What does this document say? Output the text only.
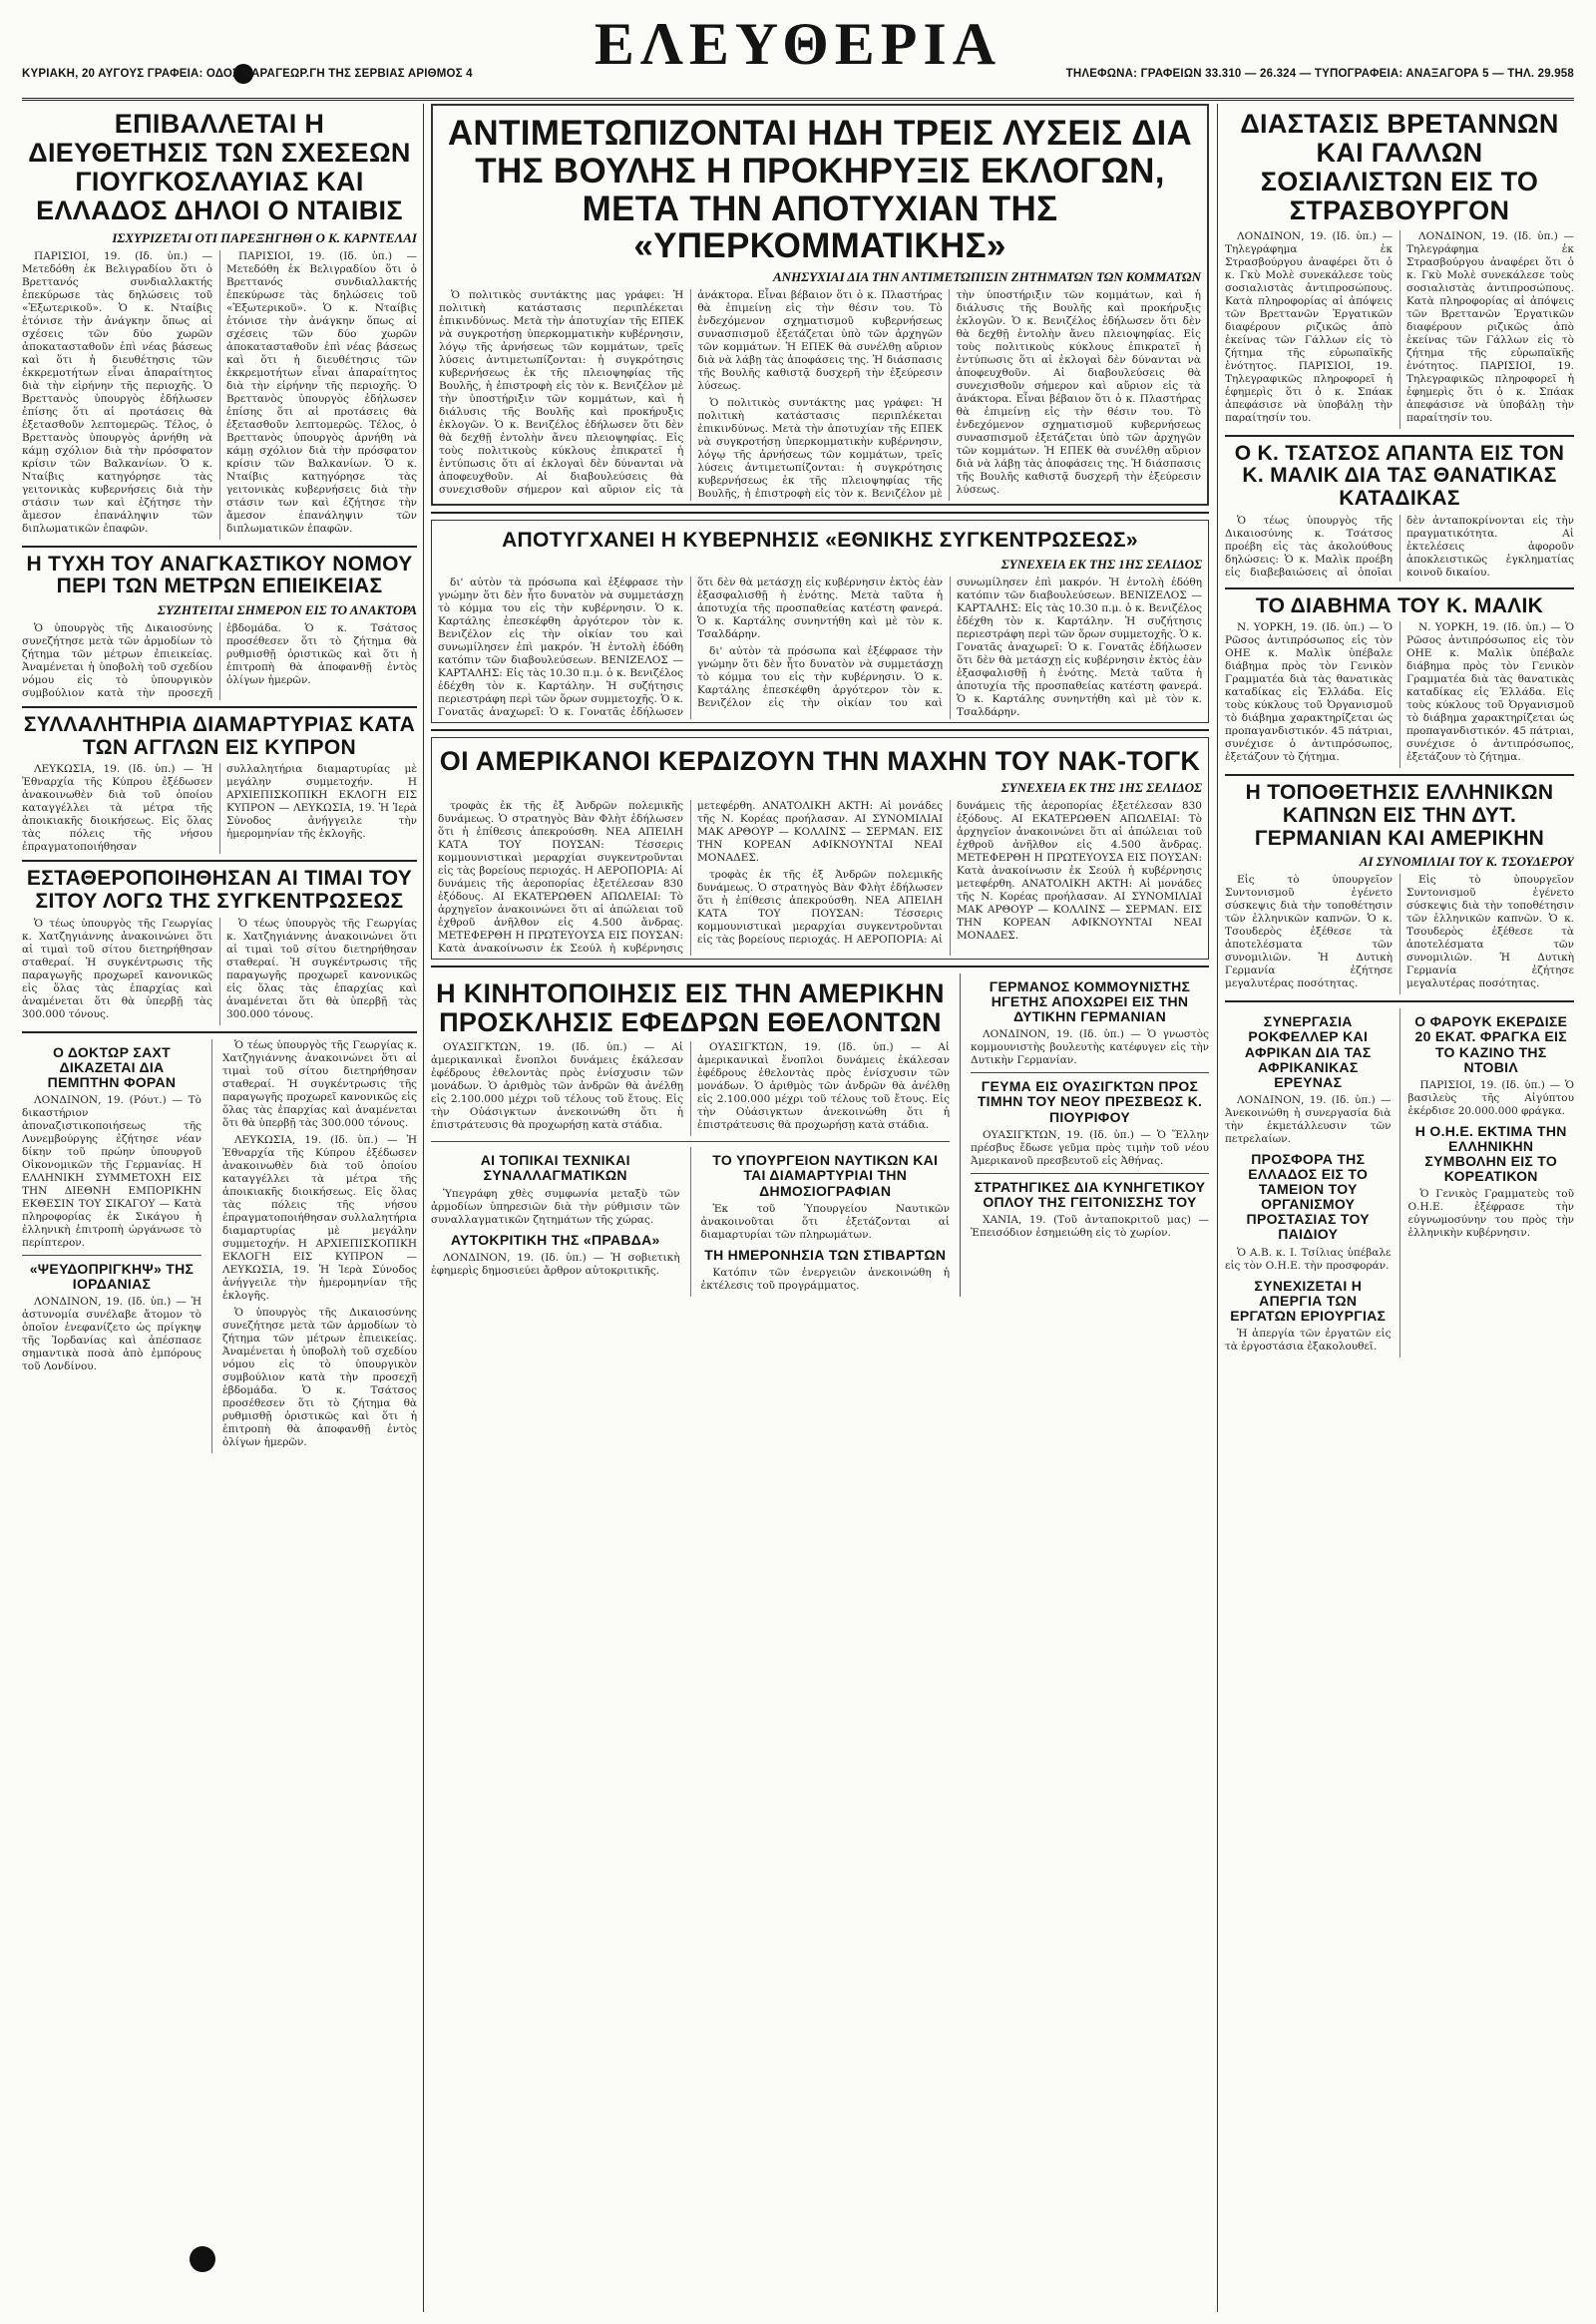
ΚΥΡΙΑΚΗ, 20 ΑΥΓΟΥΣ ΓΡΑΦΕΙΑ: ΟΔΟΣ ΚΑΡΑΓΕΩΡ.ΓΗ ΤΗΣ ΣΕΡΒΙΑΣ ΑΡΙΘΜΟΣ 4	ΕΛΕΥΘΕΡΙΑ	ΤΗΛΕΦΩΝΑ: ΓΡΑΦΕΙΩΝ 33.310 — 26.324 — ΤΥΠΟΓΡΑΦΕΙΑ: ΑΝΑΞΑΓΟΡΑ 5 — ΤΗΛ. 29.958
ΕΠΙΒΑΛΛΕΤΑΙ Η ΔΙΕΥΘΕΤΗΣΙΣ ΤΩΝ ΣΧΕΣΕΩΝ ΓΙΟΥΓΚΟΣΛΑΥΙΑΣ ΚΑΙ ΕΛΛΑΔΟΣ ΔΗΛΟΙ Ο ΝΤΑΙΒΙΣ
ΙΣΧΥΡΙΖΕΤΑΙ ΟΤΙ ΠΑΡΕΞΗΓΗΘΗ Ο Κ. ΚΑΡΝΤΕΛΑΙ

ΠΑΡΙΣΙΟΙ, 19. (Ιδ. ὑπ.) — Μετεδόθη ἐκ Βελιγραδίου ὅτι ὁ Βρεττανός συνδιαλλακτής ἐπεκύρωσε τὰς δηλώσεις τοῦ «Ἐξωτερικοῦ». Ὁ κ. Νταίβις ἐτόνισε τὴν ἀνάγκην ὅπως αἱ σχέσεις τῶν δύο χωρῶν ἀποκατασταθοῦν ἐπὶ νέας βάσεως καὶ ὅτι ἡ διευθέτησις τῶν ἐκκρεμοτήτων εἶναι ἀπαραίτητος διὰ τὴν εἰρήνην τῆς περιοχῆς. Ὁ Βρεττανὸς ὑπουργὸς ἐδήλωσεν ἐπίσης ὅτι αἱ προτάσεις θὰ ἐξετασθοῦν λεπτομερῶς. Τέλος, ὁ Βρεττανὸς ὑπουργὸς ἀρνήθη νὰ κάμῃ σχόλιον διὰ τὴν πρόσφατον κρίσιν τῶν Βαλκανίων. Ὁ κ. Νταίβις κατηγόρησε τὰς γειτονικὰς κυβερνήσεις διὰ τὴν στάσιν των καὶ ἐζήτησε τὴν ἄμεσον ἐπανάληψιν τῶν διπλωματικῶν ἐπαφῶν.

ΠΑΡΙΣΙΟΙ, 19. (Ιδ. ὑπ.) — Μετεδόθη ἐκ Βελιγραδίου ὅτι ὁ Βρεττανός συνδιαλλακτής ἐπεκύρωσε τὰς δηλώσεις τοῦ «Ἐξωτερικοῦ». Ὁ κ. Νταίβις ἐτόνισε τὴν ἀνάγκην ὅπως αἱ σχέσεις τῶν δύο χωρῶν ἀποκατασταθοῦν ἐπὶ νέας βάσεως καὶ ὅτι ἡ διευθέτησις τῶν ἐκκρεμοτήτων εἶναι ἀπαραίτητος διὰ τὴν εἰρήνην τῆς περιοχῆς. Ὁ Βρεττανὸς ὑπουργὸς ἐδήλωσεν ἐπίσης ὅτι αἱ προτάσεις θὰ ἐξετασθοῦν λεπτομερῶς. Τέλος, ὁ Βρεττανὸς ὑπουργὸς ἀρνήθη νὰ κάμῃ σχόλιον διὰ τὴν πρόσφατον κρίσιν τῶν Βαλκανίων. Ὁ κ. Νταίβις κατηγόρησε τὰς γειτονικὰς κυβερνήσεις διὰ τὴν στάσιν των καὶ ἐζήτησε τὴν ἄμεσον ἐπανάληψιν τῶν διπλωματικῶν ἐπαφῶν.

Η ΤΥΧΗ ΤΟΥ ΑΝΑΓΚΑΣΤΙΚΟΥ ΝΟΜΟΥ ΠΕΡΙ ΤΩΝ ΜΕΤΡΩΝ ΕΠΙΕΙΚΕΙΑΣ
ΣΥΖΗΤΕΙΤΑΙ ΣΗΜΕΡΟΝ ΕΙΣ ΤΟ ΑΝΑΚΤΟΡΑ

Ὁ ὑπουργὸς τῆς Δικαιοσύνης συνεζήτησε μετὰ τῶν ἀρμοδίων τὸ ζήτημα τῶν μέτρων ἐπιεικείας. Ἀναμένεται ἡ ὑποβολὴ τοῦ σχεδίου νόμου εἰς τὸ ὑπουργικὸν συμβούλιον κατὰ τὴν προσεχῆ ἑβδομάδα. Ὁ κ. Τσάτσος προσέθεσεν ὅτι τὸ ζήτημα θὰ ρυθμισθῇ ὁριστικῶς καὶ ὅτι ἡ ἐπιτροπὴ θὰ ἀποφανθῇ ἐντὸς ὀλίγων ἡμερῶν.

ΣΥΛΛΑΛΗΤΗΡΙΑ ΔΙΑΜΑΡΤΥΡΙΑΣ ΚΑΤΑ ΤΩΝ ΑΓΓΛΩΝ ΕΙΣ ΚΥΠΡΟΝ

ΛΕΥΚΩΣΙΑ, 19. (Ιδ. ὑπ.) — Ἡ Ἐθναρχία τῆς Κύπρου ἐξέδωσεν ἀνακοινωθὲν διὰ τοῦ ὁποίου καταγγέλλει τὰ μέτρα τῆς ἀποικιακῆς διοικήσεως. Εἰς ὅλας τὰς πόλεις τῆς νήσου ἐπραγματοποιήθησαν συλλαλητήρια διαμαρτυρίας μὲ μεγάλην συμμετοχήν. Η ΑΡΧΙΕΠΙΣΚΟΠΙΚΗ ΕΚΛΟΓΗ ΕΙΣ ΚΥΠΡΟΝ — ΛΕΥΚΩΣΙΑ, 19. Ἡ Ἱερὰ Σύνοδος ἀνήγγειλε τὴν ἡμερομηνίαν τῆς ἐκλογῆς.

ΕΣΤΑΘΕΡΟΠΟΙΗΘΗΣΑΝ ΑΙ ΤΙΜΑΙ ΤΟΥ ΣΙΤΟΥ ΛΟΓΩ ΤΗΣ ΣΥΓΚΕΝΤΡΩΣΕΩΣ

Ὁ τέως ὑπουργὸς τῆς Γεωργίας κ. Χατζηγιάννης ἀνακοινώνει ὅτι αἱ τιμαὶ τοῦ σίτου διετηρήθησαν σταθεραί. Ἡ συγκέντρωσις τῆς παραγωγῆς προχωρεῖ κανονικῶς εἰς ὅλας τὰς ἐπαρχίας καὶ ἀναμένεται ὅτι θὰ ὑπερβῇ τὰς 300.000 τόνους.

Ὁ τέως ὑπουργὸς τῆς Γεωργίας κ. Χατζηγιάννης ἀνακοινώνει ὅτι αἱ τιμαὶ τοῦ σίτου διετηρήθησαν σταθεραί. Ἡ συγκέντρωσις τῆς παραγωγῆς προχωρεῖ κανονικῶς εἰς ὅλας τὰς ἐπαρχίας καὶ ἀναμένεται ὅτι θὰ ὑπερβῇ τὰς 300.000 τόνους.

Ο ΔΟΚΤΩΡ ΣΑΧΤ ΔΙΚΑΖΕΤΑΙ ΔΙΑ ΠΕΜΠΤΗΝ ΦΟΡΑΝ

ΛΟΝΔΙΝΟΝ, 19. (Ρόυτ.) — Τὸ δικαστήριον ἀποναζιστικοποιήσεως τῆς Λυνεμβούργης ἐζήτησε νέαν δίκην τοῦ πρώην ὑπουργοῦ Οἰκονομικῶν τῆς Γερμανίας. Η ΕΛΛΗΝΙΚΗ ΣΥΜΜΕΤΟΧΗ ΕΙΣ ΤΗΝ ΔΙΕΘΝΗ ΕΜΠΟΡΙΚΗΝ ΕΚΘΕΣΙΝ ΤΟΥ ΣΙΚΑΓΟΥ — Κατὰ πληροφορίας ἐκ Σικάγου ἡ ἑλληνικὴ ἐπιτροπὴ ὠργάνωσε τὸ περίπτερον.

«ΨΕΥΔΟΠΡΙΓΚΗΨ» ΤΗΣ ΙΟΡΔΑΝΙΑΣ

ΛΟΝΔΙΝΟΝ, 19. (Ιδ. ὑπ.) — Ἡ ἀστυνομία συνέλαβε ἄτομον τὸ ὁποῖον ἐνεφανίζετο ὡς πρίγκηψ τῆς Ἰορδανίας καὶ ἀπέσπασε σημαντικὰ ποσὰ ἀπὸ ἐμπόρους τοῦ Λονδίνου.

Ὁ τέως ὑπουργὸς τῆς Γεωργίας κ. Χατζηγιάννης ἀνακοινώνει ὅτι αἱ τιμαὶ τοῦ σίτου διετηρήθησαν σταθεραί. Ἡ συγκέντρωσις τῆς παραγωγῆς προχωρεῖ κανονικῶς εἰς ὅλας τὰς ἐπαρχίας καὶ ἀναμένεται ὅτι θὰ ὑπερβῇ τὰς 300.000 τόνους.

ΛΕΥΚΩΣΙΑ, 19. (Ιδ. ὑπ.) — Ἡ Ἐθναρχία τῆς Κύπρου ἐξέδωσεν ἀνακοινωθὲν διὰ τοῦ ὁποίου καταγγέλλει τὰ μέτρα τῆς ἀποικιακῆς διοικήσεως. Εἰς ὅλας τὰς πόλεις τῆς νήσου ἐπραγματοποιήθησαν συλλαλητήρια διαμαρτυρίας μὲ μεγάλην συμμετοχήν. Η ΑΡΧΙΕΠΙΣΚΟΠΙΚΗ ΕΚΛΟΓΗ ΕΙΣ ΚΥΠΡΟΝ — ΛΕΥΚΩΣΙΑ, 19. Ἡ Ἱερὰ Σύνοδος ἀνήγγειλε τὴν ἡμερομηνίαν τῆς ἐκλογῆς.

Ὁ ὑπουργὸς τῆς Δικαιοσύνης συνεζήτησε μετὰ τῶν ἀρμοδίων τὸ ζήτημα τῶν μέτρων ἐπιεικείας. Ἀναμένεται ἡ ὑποβολὴ τοῦ σχεδίου νόμου εἰς τὸ ὑπουργικὸν συμβούλιον κατὰ τὴν προσεχῆ ἑβδομάδα. Ὁ κ. Τσάτσος προσέθεσεν ὅτι τὸ ζήτημα θὰ ρυθμισθῇ ὁριστικῶς καὶ ὅτι ἡ ἐπιτροπὴ θὰ ἀποφανθῇ ἐντὸς ὀλίγων ἡμερῶν.

ΑΝΤΙΜΕΤΩΠΙΖΟΝΤΑΙ ΗΔΗ ΤΡΕΙΣ ΛΥΣΕΙΣ ΔΙΑ ΤΗΣ ΒΟΥΛΗΣ Η ΠΡΟΚΗΡΥΞΙΣ ΕΚΛΟΓΩΝ, ΜΕΤΑ ΤΗΝ ΑΠΟΤΥΧΙΑΝ ΤΗΣ «ΥΠΕΡΚΟΜΜΑΤΙΚΗΣ»
ΑΝΗΣΥΧΙΑΙ ΔΙΑ ΤΗΝ ΑΝΤΙΜΕΤΩΠΙΣΙΝ ΖΗΤΗΜΑΤΩΝ ΤΩΝ ΚΟΜΜΑΤΩΝ

Ὁ πολιτικὸς συντάκτης μας γράφει: Ἡ πολιτικὴ κατάστασις περιπλέκεται ἐπικινδύνως. Μετὰ τὴν ἀποτυχίαν τῆς ΕΠΕΚ νὰ συγκροτήσῃ ὑπερκομματικὴν κυβέρνησιν, λόγῳ τῆς ἀρνήσεως τῶν κομμάτων, τρεῖς λύσεις ἀντιμετωπίζονται: ἡ συγκρότησις κυβερνήσεως ἐκ τῆς πλειοψηφίας τῆς Βουλῆς, ἡ ἐπιστροφὴ εἰς τὸν κ. Βενιζέλον μὲ τὴν ὑποστήριξιν τῶν κομμάτων, καὶ ἡ διάλυσις τῆς Βουλῆς καὶ προκήρυξις ἐκλογῶν. Ὁ κ. Βενιζέλος ἐδήλωσεν ὅτι δὲν θὰ δεχθῇ ἐντολὴν ἄνευ πλειοψηφίας. Εἰς τοὺς πολιτικοὺς κύκλους ἐπικρατεῖ ἡ ἐντύπωσις ὅτι αἱ ἐκλογαὶ δὲν δύνανται νὰ ἀποφευχθοῦν. Αἱ διαβουλεύσεις θὰ συνεχισθοῦν σήμερον καὶ αὔριον εἰς τὰ ἀνάκτορα. Εἶναι βέβαιον ὅτι ὁ κ. Πλαστήρας θὰ ἐπιμείνῃ εἰς τὴν θέσιν του. Τὸ ἐνδεχόμενον σχηματισμοῦ κυβερνήσεως συνασπισμοῦ ἐξετάζεται ὑπὸ τῶν ἀρχηγῶν τῶν κομμάτων. Ἡ ΕΠΕΚ θὰ συνέλθῃ αὔριον διὰ νὰ λάβῃ τὰς ἀποφάσεις της. Ἡ διάσπασις τῆς Βουλῆς καθιστᾷ δυσχερῆ τὴν ἐξεύρεσιν λύσεως.

Ὁ πολιτικὸς συντάκτης μας γράφει: Ἡ πολιτικὴ κατάστασις περιπλέκεται ἐπικινδύνως. Μετὰ τὴν ἀποτυχίαν τῆς ΕΠΕΚ νὰ συγκροτήσῃ ὑπερκομματικὴν κυβέρνησιν, λόγῳ τῆς ἀρνήσεως τῶν κομμάτων, τρεῖς λύσεις ἀντιμετωπίζονται: ἡ συγκρότησις κυβερνήσεως ἐκ τῆς πλειοψηφίας τῆς Βουλῆς, ἡ ἐπιστροφὴ εἰς τὸν κ. Βενιζέλον μὲ τὴν ὑποστήριξιν τῶν κομμάτων, καὶ ἡ διάλυσις τῆς Βουλῆς καὶ προκήρυξις ἐκλογῶν. Ὁ κ. Βενιζέλος ἐδήλωσεν ὅτι δὲν θὰ δεχθῇ ἐντολὴν ἄνευ πλειοψηφίας. Εἰς τοὺς πολιτικοὺς κύκλους ἐπικρατεῖ ἡ ἐντύπωσις ὅτι αἱ ἐκλογαὶ δὲν δύνανται νὰ ἀποφευχθοῦν. Αἱ διαβουλεύσεις θὰ συνεχισθοῦν σήμερον καὶ αὔριον εἰς τὰ ἀνάκτορα. Εἶναι βέβαιον ὅτι ὁ κ. Πλαστήρας θὰ ἐπιμείνῃ εἰς τὴν θέσιν του. Τὸ ἐνδεχόμενον σχηματισμοῦ κυβερνήσεως συνασπισμοῦ ἐξετάζεται ὑπὸ τῶν ἀρχηγῶν τῶν κομμάτων. Ἡ ΕΠΕΚ θὰ συνέλθῃ αὔριον διὰ νὰ λάβῃ τὰς ἀποφάσεις της. Ἡ διάσπασις τῆς Βουλῆς καθιστᾷ δυσχερῆ τὴν ἐξεύρεσιν λύσεως.

ΑΠΟΤΥΓΧΑΝΕΙ Η ΚΥΒΕΡΝΗΣΙΣ «ΕΘΝΙΚΗΣ ΣΥΓΚΕΝΤΡΩΣΕΩΣ»
ΣΥΝΕΧΕΙΑ ΕΚ ΤΗΣ 1ΗΣ ΣΕΛΙΔΟΣ

δι' αὐτὸν τὰ πρόσωπα καὶ ἐξέφρασε τὴν γνώμην ὅτι δὲν ἦτο δυνατὸν νὰ συμμετάσχῃ τὸ κόμμα του εἰς τὴν κυβέρνησιν. Ὁ κ. Καρτάλης ἐπεσκέφθη ἀργότερον τὸν κ. Βενιζέλον εἰς τὴν οἰκίαν του καὶ συνωμίλησεν ἐπὶ μακρόν. Ἡ ἐντολὴ ἐδόθη κατόπιν τῶν διαβουλεύσεων. ΒΕΝΙΖΕΛΟΣ — ΚΑΡΤΑΛΗΣ: Εἰς τὰς 10.30 π.μ. ὁ κ. Βενιζέλος ἐδέχθη τὸν κ. Καρτάλην. Ἡ συζήτησις περιεστράφη περὶ τῶν ὅρων συμμετοχῆς. Ὁ κ. Γονατᾶς ἀναχωρεῖ: Ὁ κ. Γονατᾶς ἐδήλωσεν ὅτι δὲν θὰ μετάσχῃ εἰς κυβέρνησιν ἐκτὸς ἐὰν ἐξασφαλισθῇ ἡ ἐνότης. Μετὰ ταῦτα ἡ ἀποτυχία τῆς προσπαθείας κατέστη φανερά. Ὁ κ. Καρτάλης συνηντήθη καὶ μὲ τὸν κ. Τσαλδάρην.

δι' αὐτὸν τὰ πρόσωπα καὶ ἐξέφρασε τὴν γνώμην ὅτι δὲν ἦτο δυνατὸν νὰ συμμετάσχῃ τὸ κόμμα του εἰς τὴν κυβέρνησιν. Ὁ κ. Καρτάλης ἐπεσκέφθη ἀργότερον τὸν κ. Βενιζέλον εἰς τὴν οἰκίαν του καὶ συνωμίλησεν ἐπὶ μακρόν. Ἡ ἐντολὴ ἐδόθη κατόπιν τῶν διαβουλεύσεων. ΒΕΝΙΖΕΛΟΣ — ΚΑΡΤΑΛΗΣ: Εἰς τὰς 10.30 π.μ. ὁ κ. Βενιζέλος ἐδέχθη τὸν κ. Καρτάλην. Ἡ συζήτησις περιεστράφη περὶ τῶν ὅρων συμμετοχῆς. Ὁ κ. Γονατᾶς ἀναχωρεῖ: Ὁ κ. Γονατᾶς ἐδήλωσεν ὅτι δὲν θὰ μετάσχῃ εἰς κυβέρνησιν ἐκτὸς ἐὰν ἐξασφαλισθῇ ἡ ἐνότης. Μετὰ ταῦτα ἡ ἀποτυχία τῆς προσπαθείας κατέστη φανερά. Ὁ κ. Καρτάλης συνηντήθη καὶ μὲ τὸν κ. Τσαλδάρην.

ΟΙ ΑΜΕΡΙΚΑΝΟΙ ΚΕΡΔΙΖΟΥΝ ΤΗΝ ΜΑΧΗΝ ΤΟΥ ΝΑΚ-ΤΟΓΚ
ΣΥΝΕΧΕΙΑ ΕΚ ΤΗΣ 1ΗΣ ΣΕΛΙΔΟΣ

τροφὰς ἐκ τῆς ἐξ Ἀνδρῶν πολεμικῆς δυνάμεως. Ὁ στρατηγὸς Βὰν Φλὴτ ἐδήλωσεν ὅτι ἡ ἐπίθεσις ἀπεκρούσθη. ΝΕΑ ΑΠΕΙΛΗ ΚΑΤΑ ΤΟΥ ΠΟΥΣΑΝ: Τέσσερις κομμουνιστικαὶ μεραρχίαι συγκεντροῦνται εἰς τὰς βορείους περιοχάς. Η ΑΕΡΟΠΟΡΙΑ: Αἱ δυνάμεις τῆς ἀεροπορίας ἐξετέλεσαν 830 ἐξόδους. ΑΙ ΕΚΑΤΕΡΩΘΕΝ ΑΠΩΛΕΙΑΙ: Τὸ ἀρχηγεῖον ἀνακοινώνει ὅτι αἱ ἀπώλειαι τοῦ ἐχθροῦ ἀνῆλθον εἰς 4.500 ἄνδρας. ΜΕΤΕΦΕΡΘΗ Η ΠΡΩΤΕΥΟΥΣΑ ΕΙΣ ΠΟΥΣΑΝ: Κατὰ ἀνακοίνωσιν ἐκ Σεούλ ἡ κυβέρνησις μετεφέρθη. ΑΝΑΤΟΛΙΚΗ ΑΚΤΗ: Αἱ μονάδες τῆς Ν. Κορέας προήλασαν. ΑΙ ΣΥΝΟΜΙΛΙΑΙ ΜΑΚ ΑΡΘΟΥΡ — ΚΟΛΛΙΝΣ — ΣΕΡΜΑΝ. ΕΙΣ ΤΗΝ ΚΟΡΕΑΝ ΑΦΙΚΝΟΥΝΤΑΙ ΝΕΑΙ ΜΟΝΑΔΕΣ.

τροφὰς ἐκ τῆς ἐξ Ἀνδρῶν πολεμικῆς δυνάμεως. Ὁ στρατηγὸς Βὰν Φλὴτ ἐδήλωσεν ὅτι ἡ ἐπίθεσις ἀπεκρούσθη. ΝΕΑ ΑΠΕΙΛΗ ΚΑΤΑ ΤΟΥ ΠΟΥΣΑΝ: Τέσσερις κομμουνιστικαὶ μεραρχίαι συγκεντροῦνται εἰς τὰς βορείους περιοχάς. Η ΑΕΡΟΠΟΡΙΑ: Αἱ δυνάμεις τῆς ἀεροπορίας ἐξετέλεσαν 830 ἐξόδους. ΑΙ ΕΚΑΤΕΡΩΘΕΝ ΑΠΩΛΕΙΑΙ: Τὸ ἀρχηγεῖον ἀνακοινώνει ὅτι αἱ ἀπώλειαι τοῦ ἐχθροῦ ἀνῆλθον εἰς 4.500 ἄνδρας. ΜΕΤΕΦΕΡΘΗ Η ΠΡΩΤΕΥΟΥΣΑ ΕΙΣ ΠΟΥΣΑΝ: Κατὰ ἀνακοίνωσιν ἐκ Σεούλ ἡ κυβέρνησις μετεφέρθη. ΑΝΑΤΟΛΙΚΗ ΑΚΤΗ: Αἱ μονάδες τῆς Ν. Κορέας προήλασαν. ΑΙ ΣΥΝΟΜΙΛΙΑΙ ΜΑΚ ΑΡΘΟΥΡ — ΚΟΛΛΙΝΣ — ΣΕΡΜΑΝ. ΕΙΣ ΤΗΝ ΚΟΡΕΑΝ ΑΦΙΚΝΟΥΝΤΑΙ ΝΕΑΙ ΜΟΝΑΔΕΣ.

Η ΚΙΝΗΤΟΠΟΙΗΣΙΣ ΕΙΣ ΤΗΝ ΑΜΕΡΙΚΗΝ ΠΡΟΣΚΛΗΣΙΣ ΕΦΕΔΡΩΝ ΕΘΕΛΟΝΤΩΝ

ΟΥΑΣΙΓΚΤΩΝ, 19. (Ιδ. ὑπ.) — Αἱ ἀμερικανικαὶ ἔνοπλοι δυνάμεις ἐκάλεσαν ἐφέδρους ἐθελοντὰς πρὸς ἐνίσχυσιν τῶν μονάδων. Ὁ ἀριθμὸς τῶν ἀνδρῶν θὰ ἀνέλθῃ εἰς 2.100.000 μέχρι τοῦ τέλους τοῦ ἔτους. Εἰς τὴν Οὐάσιγκτων ἀνεκοινώθη ὅτι ἡ ἐπιστράτευσις θὰ προχωρήσῃ κατὰ στάδια.

ΟΥΑΣΙΓΚΤΩΝ, 19. (Ιδ. ὑπ.) — Αἱ ἀμερικανικαὶ ἔνοπλοι δυνάμεις ἐκάλεσαν ἐφέδρους ἐθελοντὰς πρὸς ἐνίσχυσιν τῶν μονάδων. Ὁ ἀριθμὸς τῶν ἀνδρῶν θὰ ἀνέλθῃ εἰς 2.100.000 μέχρι τοῦ τέλους τοῦ ἔτους. Εἰς τὴν Οὐάσιγκτων ἀνεκοινώθη ὅτι ἡ ἐπιστράτευσις θὰ προχωρήσῃ κατὰ στάδια.

ΑΙ ΤΟΠΙΚΑΙ ΤΕΧΝΙΚΑΙ ΣΥΝΑΛΛΑΓΜΑΤΙΚΩΝ

Ὑπεγράφη χθὲς συμφωνία μεταξὺ τῶν ἀρμοδίων ὑπηρεσιῶν διὰ τὴν ρύθμισιν τῶν συναλλαγματικῶν ζητημάτων τῆς χώρας.

ΑΥΤΟΚΡΙΤΙΚΗ ΤΗΣ «ΠΡΑΒΔΑ»

ΛΟΝΔΙΝΟΝ, 19. (Ιδ. ὑπ.) — Ἡ σοβιετικὴ ἐφημερὶς δημοσιεύει ἄρθρον αὐτοκριτικῆς.

ΤΟ ΥΠΟΥΡΓΕΙΟΝ ΝΑΥΤΙΚΩΝ ΚΑΙ ΤΑΙ ΔΙΑΜΑΡΤΥΡΙΑΙ ΤΗΝ ΔΗΜΟΣΙΟΓΡΑΦΙΑΝ

Ἐκ τοῦ Ὑπουργείου Ναυτικῶν ἀνακοινοῦται ὅτι ἐξετάζονται αἱ διαμαρτυρίαι τῶν πληρωμάτων.

ΤΗ ΗΜΕΡΟΝΗΣΙΑ ΤΩΝ ΣΤΙΒΑΡΤΩΝ

Κατόπιν τῶν ἐνεργειῶν ἀνεκοινώθη ἡ ἐκτέλεσις τοῦ προγράμματος.

ΓΕΡΜΑΝΟΣ ΚΟΜΜΟΥΝΙΣΤΗΣ ΗΓΕΤΗΣ ΑΠΟΧΩΡΕΙ ΕΙΣ ΤΗΝ ΔΥΤΙΚΗΝ ΓΕΡΜΑΝΙΑΝ

ΛΟΝΔΙΝΟΝ, 19. (Ιδ. ὑπ.) — Ὁ γνωστὸς κομμουνιστὴς βουλευτὴς κατέφυγεν εἰς τὴν Δυτικὴν Γερμανίαν.

ΓΕΥΜΑ ΕΙΣ ΟΥΑΣΙΓΚΤΩΝ ΠΡΟΣ ΤΙΜΗΝ ΤΟΥ ΝΕΟΥ ΠΡΕΣΒΕΩΣ Κ. ΠΙΟΥΡΙΦΟΥ

ΟΥΑΣΙΓΚΤΩΝ, 19. (Ιδ. ὑπ.) — Ὁ Ἕλλην πρέσβυς ἔδωσε γεῦμα πρὸς τιμὴν τοῦ νέου Ἀμερικανοῦ πρεσβευτοῦ εἰς Ἀθήνας.

ΣΤΡΑΤΗΓΙΚΕΣ ΔΙΑ ΚΥΝΗΓΕΤΙΚΟΥ ΟΠΛΟΥ ΤΗΣ ΓΕΙΤΟΝΙΣΣΗΣ ΤΟΥ

ΧΑΝΙΑ, 19. (Τοῦ ἀνταποκριτοῦ μας) — Ἐπεισόδιον ἐσημειώθη εἰς τὸ χωρίον.

ΔΙΑΣΤΑΣΙΣ ΒΡΕΤΑΝΝΩΝ ΚΑΙ ΓΑΛΛΩΝ ΣΟΣΙΑΛΙΣΤΩΝ ΕΙΣ ΤΟ ΣΤΡΑΣΒΟΥΡΓΟΝ

ΛΟΝΔΙΝΟΝ, 19. (Ιδ. ὑπ.) — Τηλεγράφημα ἐκ Στρασβούργου ἀναφέρει ὅτι ὁ κ. Γκὺ Μολὲ συνεκάλεσε τοὺς σοσιαλιστὰς ἀντιπροσώπους. Κατὰ πληροφορίας αἱ ἀπόψεις τῶν Βρεττανῶν Ἐργατικῶν διαφέρουν ριζικῶς ἀπὸ ἐκείνας τῶν Γάλλων εἰς τὸ ζήτημα τῆς εὐρωπαϊκῆς ἑνότητος. ΠΑΡΙΣΙΟΙ, 19. Τηλεγραφικῶς πληροφορεῖ ἡ ἐφημερὶς ὅτι ὁ κ. Σπάακ ἀπεφάσισε νὰ ὑποβάλῃ τὴν παραίτησίν του.

ΛΟΝΔΙΝΟΝ, 19. (Ιδ. ὑπ.) — Τηλεγράφημα ἐκ Στρασβούργου ἀναφέρει ὅτι ὁ κ. Γκὺ Μολὲ συνεκάλεσε τοὺς σοσιαλιστὰς ἀντιπροσώπους. Κατὰ πληροφορίας αἱ ἀπόψεις τῶν Βρεττανῶν Ἐργατικῶν διαφέρουν ριζικῶς ἀπὸ ἐκείνας τῶν Γάλλων εἰς τὸ ζήτημα τῆς εὐρωπαϊκῆς ἑνότητος. ΠΑΡΙΣΙΟΙ, 19. Τηλεγραφικῶς πληροφορεῖ ἡ ἐφημερὶς ὅτι ὁ κ. Σπάακ ἀπεφάσισε νὰ ὑποβάλῃ τὴν παραίτησίν του.

Ο Κ. ΤΣΑΤΣΟΣ ΑΠΑΝΤΑ ΕΙΣ ΤΟΝ Κ. ΜΑΛΙΚ ΔΙΑ ΤΑΣ ΘΑΝΑΤΙΚΑΣ ΚΑΤΑΔΙΚΑΣ

Ὁ τέως ὑπουργὸς τῆς Δικαιοσύνης κ. Τσάτσος προέβη εἰς τὰς ἀκολούθους δηλώσεις: Ὁ κ. Μαλὶκ προέβη εἰς διαβεβαιώσεις αἱ ὁποῖαι δὲν ἀνταποκρίνονται εἰς τὴν πραγματικότητα. Αἱ ἐκτελέσεις ἀφοροῦν ἀποκλειστικῶς ἐγκληματίας κοινοῦ δικαίου.

ΤΟ ΔΙΑΒΗΜΑ ΤΟΥ Κ. ΜΑΛΙΚ

Ν. ΥΟΡΚΗ, 19. (Ιδ. ὑπ.) — Ὁ Ρῶσος ἀντιπρόσωπος εἰς τὸν ΟΗΕ κ. Μαλὶκ ὑπέβαλε διάβημα πρὸς τὸν Γενικὸν Γραμματέα διὰ τὰς θανατικὰς καταδίκας εἰς Ἑλλάδα. Εἰς τοὺς κύκλους τοῦ Ὀργανισμοῦ τὸ διάβημα χαρακτηρίζεται ὡς προπαγανδιστικόν. 45 πάτριαι, συνέχισε ὁ ἀντιπρόσωπος, ἐξετάζουν τὸ ζήτημα.

Ν. ΥΟΡΚΗ, 19. (Ιδ. ὑπ.) — Ὁ Ρῶσος ἀντιπρόσωπος εἰς τὸν ΟΗΕ κ. Μαλὶκ ὑπέβαλε διάβημα πρὸς τὸν Γενικὸν Γραμματέα διὰ τὰς θανατικὰς καταδίκας εἰς Ἑλλάδα. Εἰς τοὺς κύκλους τοῦ Ὀργανισμοῦ τὸ διάβημα χαρακτηρίζεται ὡς προπαγανδιστικόν. 45 πάτριαι, συνέχισε ὁ ἀντιπρόσωπος, ἐξετάζουν τὸ ζήτημα.

Η ΤΟΠΟΘΕΤΗΣΙΣ ΕΛΛΗΝΙΚΩΝ ΚΑΠΝΩΝ ΕΙΣ ΤΗΝ ΔΥΤ. ΓΕΡΜΑΝΙΑΝ ΚΑΙ ΑΜΕΡΙΚΗΝ
ΑΙ ΣΥΝΟΜΙΛΙΑΙ ΤΟΥ Κ. ΤΣΟΥΔΕΡΟΥ

Εἰς τὸ ὑπουργεῖον Συντονισμοῦ ἐγένετο σύσκεψις διὰ τὴν τοποθέτησιν τῶν ἑλληνικῶν καπνῶν. Ὁ κ. Τσουδερὸς ἐξέθεσε τὰ ἀποτελέσματα τῶν συνομιλιῶν. Ἡ Δυτικὴ Γερμανία ἐζήτησε μεγαλυτέρας ποσότητας.

Εἰς τὸ ὑπουργεῖον Συντονισμοῦ ἐγένετο σύσκεψις διὰ τὴν τοποθέτησιν τῶν ἑλληνικῶν καπνῶν. Ὁ κ. Τσουδερὸς ἐξέθεσε τὰ ἀποτελέσματα τῶν συνομιλιῶν. Ἡ Δυτικὴ Γερμανία ἐζήτησε μεγαλυτέρας ποσότητας.

ΣΥΝΕΡΓΑΣΙΑ ΡΟΚΦΕΛΛΕΡ ΚΑΙ ΑΦΡΙΚΑΝ ΔΙΑ ΤΑΣ ΑΦΡΙΚΑΝΙΚΑΣ ΕΡΕΥΝΑΣ

ΛΟΝΔΙΝΟΝ, 19. (Ιδ. ὑπ.) — Ἀνεκοινώθη ἡ συνεργασία διὰ τὴν ἐκμετάλλευσιν τῶν πετρελαίων.

ΠΡΟΣΦΟΡΑ ΤΗΣ ΕΛΛΑΔΟΣ ΕΙΣ ΤΟ ΤΑΜΕΙΟΝ ΤΟΥ ΟΡΓΑΝΙΣΜΟΥ ΠΡΟΣΤΑΣΙΑΣ ΤΟΥ ΠΑΙΔΙΟΥ

Ὁ Α.Β. κ. Ι. Τσίλιας ὑπέβαλε εἰς τὸν Ο.Η.Ε. τὴν προσφοράν.

ΣΥΝΕΧΙΖΕΤΑΙ Η ΑΠΕΡΓΙΑ ΤΩΝ ΕΡΓΑΤΩΝ ΕΡΙΟΥΡΓΙΑΣ

Ἡ ἀπεργία τῶν ἐργατῶν εἰς τὰ ἐργοστάσια ἐξακολουθεῖ.

Ο ΦΑΡΟΥΚ ΕΚΕΡΔΙΣΕ 20 ΕΚΑΤ. ΦΡΑΓΚΑ ΕΙΣ ΤΟ ΚΑΖΙΝΟ ΤΗΣ ΝΤΟΒΙΛ

ΠΑΡΙΣΙΟΙ, 19. (Ιδ. ὑπ.) — Ὁ βασιλεὺς τῆς Αἰγύπτου ἐκέρδισε 20.000.000 φράγκα.

Η Ο.Η.Ε. ΕΚΤΙΜΑ ΤΗΝ ΕΛΛΗΝΙΚΗΝ ΣΥΜΒΟΛΗΝ ΕΙΣ ΤΟ ΚΟΡΕΑΤΙΚΟΝ

Ὁ Γενικὸς Γραμματεὺς τοῦ Ο.Η.Ε. ἐξέφρασε τὴν εὐγνωμοσύνην του πρὸς τὴν ἑλληνικὴν κυβέρνησιν.
